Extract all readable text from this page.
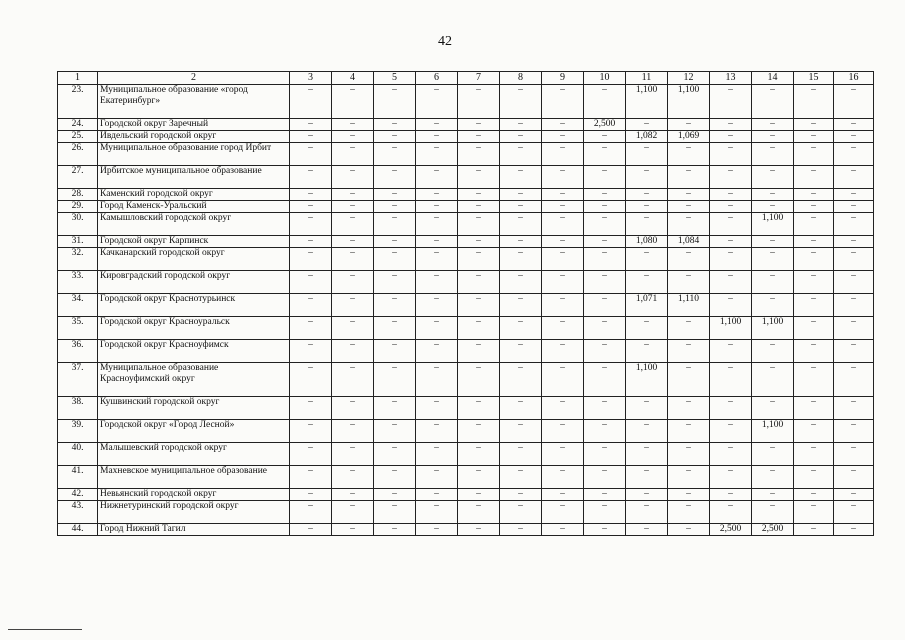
42
1	2	3	4	5	6	7	8	9	10	11	12	13	14	15	16
23.	Муниципальное образование «город Екатеринбург»	–	–	–	–	–	–	–	–	1,100	1,100	–	–	–	–
24.	Городской округ Заречный	–	–	–	–	–	–	–	2,500	–	–	–	–	–	–
25.	Ивдельский городской округ	–	–	–	–	–	–	–	–	1,082	1,069	–	–	–	–
26.	Муниципальное образование город Ирбит	–	–	–	–	–	–	–	–	–	–	–	–	–	–
27.	Ирбитское муниципальное образование	–	–	–	–	–	–	–	–	–	–	–	–	–	–
28.	Каменский городской округ	–	–	–	–	–	–	–	–	–	–	–	–	–	–
29.	Город Каменск-Уральский	–	–	–	–	–	–	–	–	–	–	–	–	–	–
30.	Камышловский городской округ	–	–	–	–	–	–	–	–	–	–	–	1,100	–	–
31.	Городской округ Карпинск	–	–	–	–	–	–	–	–	1,080	1,084	–	–	–	–
32.	Качканарский городской округ	–	–	–	–	–	–	–	–	–	–	–	–	–	–
33.	Кировградский городской округ	–	–	–	–	–	–	–	–	–	–	–	–	–	–
34.	Городской округ Краснотурьинск	–	–	–	–	–	–	–	–	1,071	1,110	–	–	–	–
35.	Городской округ Красноуральск	–	–	–	–	–	–	–	–	–	–	1,100	1,100	–	–
36.	Городской округ Красноуфимск	–	–	–	–	–	–	–	–	–	–	–	–	–	–
37.	Муниципальное образование Красноуфимский округ	–	–	–	–	–	–	–	–	1,100	–	–	–	–	–
38.	Кушвинский городской округ	–	–	–	–	–	–	–	–	–	–	–	–	–	–
39.	Городской округ «Город Лесной»	–	–	–	–	–	–	–	–	–	–	–	1,100	–	–
40.	Малышевский городской округ	–	–	–	–	–	–	–	–	–	–	–	–	–	–
41.	Махневское муниципальное образование	–	–	–	–	–	–	–	–	–	–	–	–	–	–
42.	Невьянский городской округ	–	–	–	–	–	–	–	–	–	–	–	–	–	–
43.	Нижнетуринский городской округ	–	–	–	–	–	–	–	–	–	–	–	–	–	–
44.	Город Нижний Тагил	–	–	–	–	–	–	–	–	–	–	2,500	2,500	–	–
